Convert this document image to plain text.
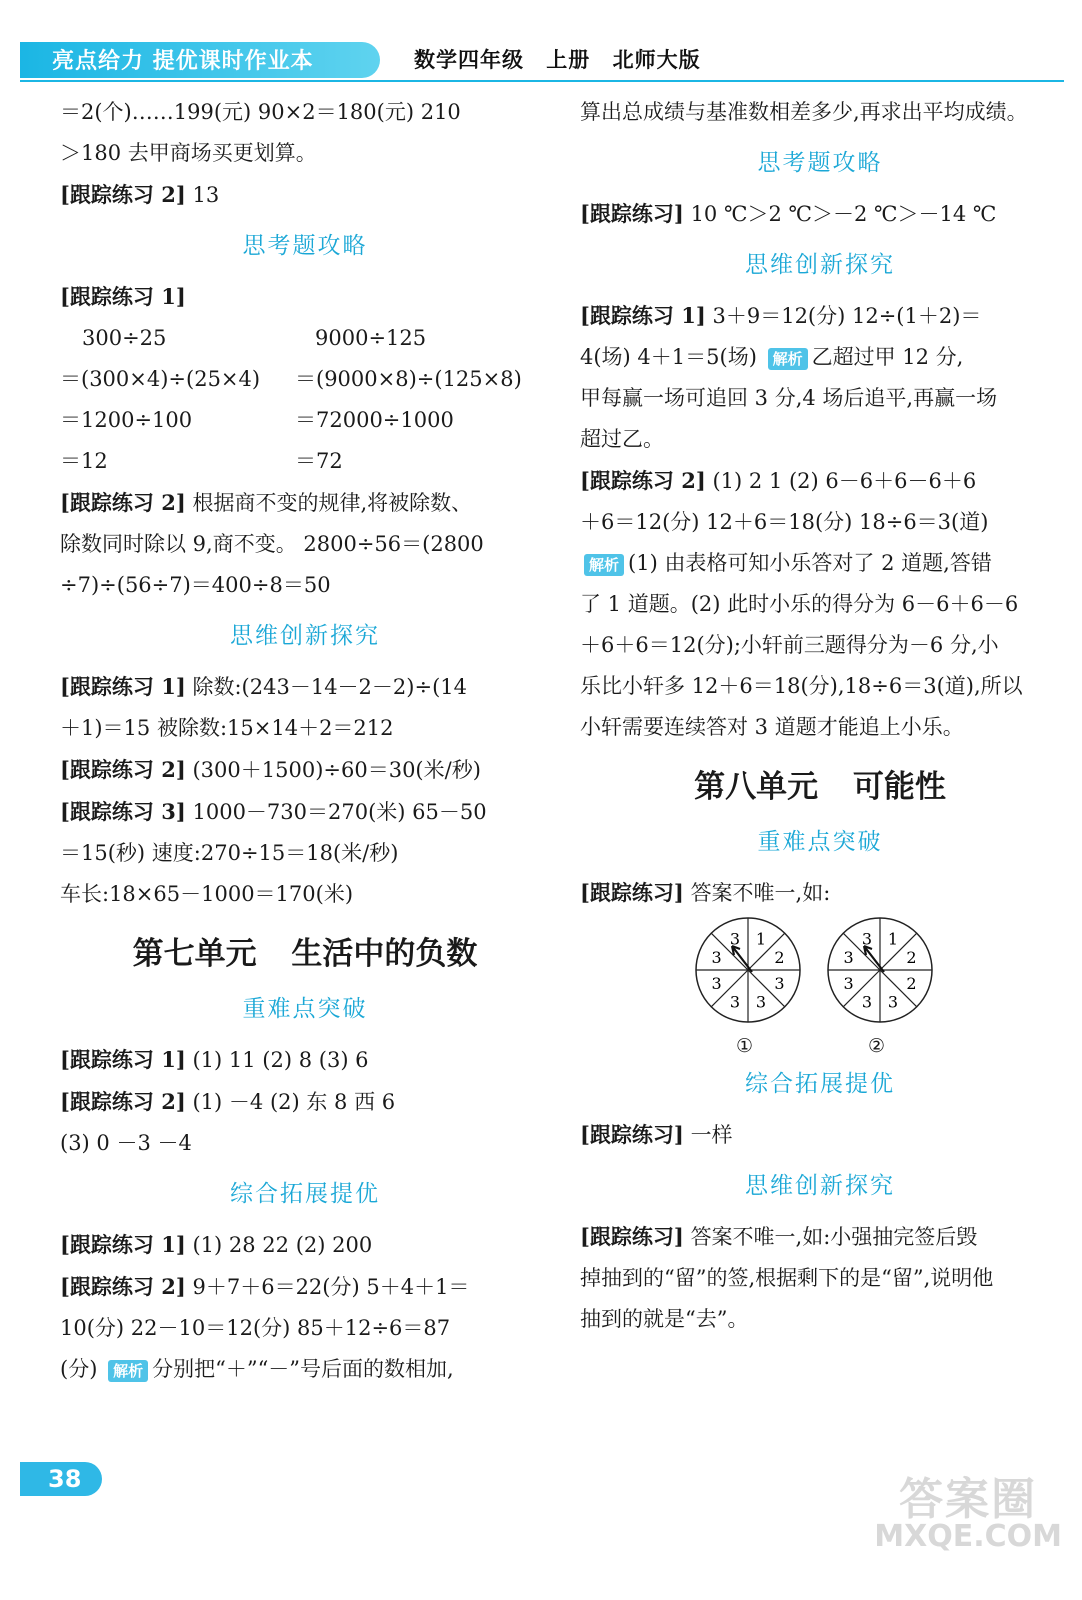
亮点给力 提优课时作业本	数学四年级 上册 北师大版
＝2(个)……199(元) 90×2＝180(元) 210
＞180 去甲商场买更划算。
[跟踪练习 2] 13
思考题攻略
[跟踪练习 1]
300÷25
＝(300×4)÷(25×4)
＝1200÷100
＝12
9000÷125
＝(9000×8)÷(125×8)
＝72000÷1000
＝72
[跟踪练习 2] 根据商不变的规律,将被除数、
除数同时除以 9,商不变。 2800÷56＝(2800
÷7)÷(56÷7)＝400÷8＝50
思维创新探究
[跟踪练习 1] 除数:(243－14－2－2)÷(14
＋1)＝15 被除数:15×14＋2＝212
[跟踪练习 2] (300＋1500)÷60＝30(米/秒)
[跟踪练习 3] 1000－730＝270(米) 65－50
＝15(秒) 速度:270÷15＝18(米/秒)
车长:18×65－1000＝170(米)
第七单元 生活中的负数
重难点突破
[跟踪练习 1] (1) 11 (2) 8 (3) 6
[跟踪练习 2] (1) －4 (2) 东 8 西 6
(3) 0 －3 －4
综合拓展提优
[跟踪练习 1] (1) 28 22 (2) 200
[跟踪练习 2] 9＋7＋6＝22(分) 5＋4＋1＝
10(分) 22－10＝12(分) 85＋12÷6＝87
(分) 解析 分别把“＋”“－”号后面的数相加,
算出总成绩与基准数相差多少,再求出平均成绩。
思考题攻略
[跟踪练习] 10 ℃＞2 ℃＞－2 ℃＞－14 ℃
思维创新探究
[跟踪练习 1] 3＋9＝12(分) 12÷(1＋2)＝
4(场) 4＋1＝5(场) 解析 乙超过甲 12 分,
甲每赢一场可追回 3 分,4 场后追平,再赢一场
超过乙。
[跟踪练习 2] (1) 2 1 (2) 6－6＋6－6＋6
＋6＝12(分) 12＋6＝18(分) 18÷6＝3(道)
解析 (1) 由表格可知小乐答对了 2 道题,答错
了 1 道题。(2) 此时小乐的得分为 6－6＋6－6
＋6＋6＝12(分);小轩前三题得分为－6 分,小
乐比小轩多 12＋6＝18(分),18÷6＝3(道),所以
小轩需要连续答对 3 道题才能追上小乐。
第八单元 可能性
重难点突破
[跟踪练习] 答案不唯一,如:
1
2
3
3
3
3
3
3
①
1
2
2
3
3
3
3
3
②
综合拓展提优
[跟踪练习] 一样
思维创新探究
[跟踪练习] 答案不唯一,如:小强抽完签后毁
掉抽到的“留”的签,根据剩下的是“留”,说明他
抽到的就是“去”。
38	答案圈
MXQE.COM
